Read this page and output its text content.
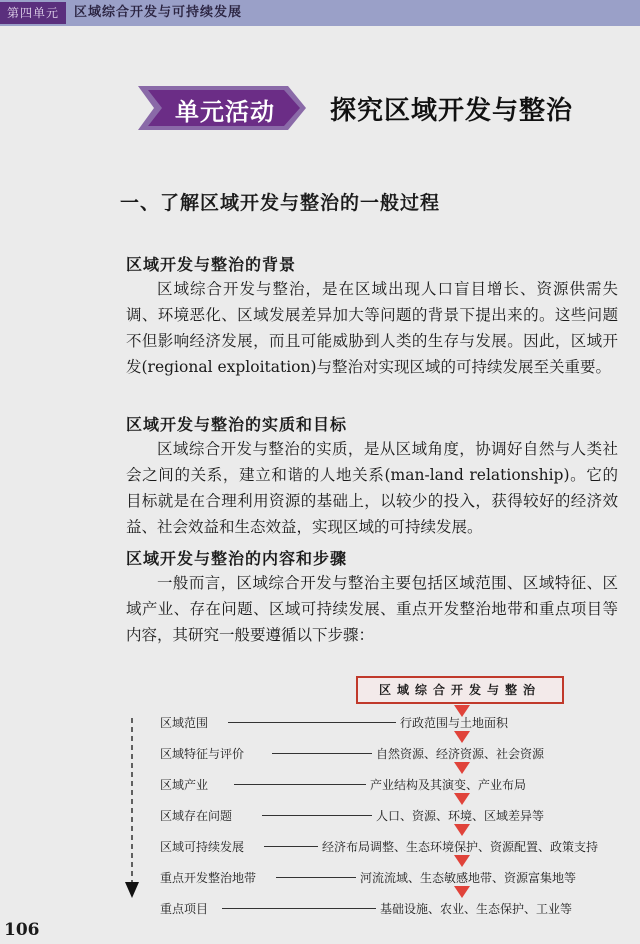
第四单元	区域综合开发与可持续发展
单元活动	探究区域开发与整治
一、了解区域开发与整治的一般过程
区域开发与整治的背景

区域综合开发与整治，是在区域出现人口盲目增长、资源供需失调、环境恶化、区域发展差异加大等问题的背景下提出来的。这些问题不但影响经济发展，而且可能威胁到人类的生存与发展。因此，区域开发(regional exploitation)与整治对实现区域的可持续发展至关重要。

区域开发与整治的实质和目标

区域综合开发与整治的实质，是从区域角度，协调好自然与人类社会之间的关系，建立和谐的人地关系(man-land relationship)。它的目标就是在合理利用资源的基础上，以较少的投入，获得较好的经济效益、社会效益和生态效益，实现区域的可持续发展。

区域开发与整治的内容和步骤

一般而言，区域综合开发与整治主要包括区域范围、区域特征、区域产业、存在问题、区域可持续发展、重点开发整治地带和重点项目等内容，其研究一般要遵循以下步骤：

区域综合开发与整治
区域范围	行政范围与土地面积
区域特征与评价	自然资源、经济资源、社会资源
区域产业	产业结构及其演变、产业布局
区域存在问题	人口、资源、环境、区域差异等
区域可持续发展	经济布局调整、生态环境保护、资源配置、政策支持
重点开发整治地带	河流流域、生态敏感地带、资源富集地等
重点项目	基础设施、农业、生态保护、工业等
106
